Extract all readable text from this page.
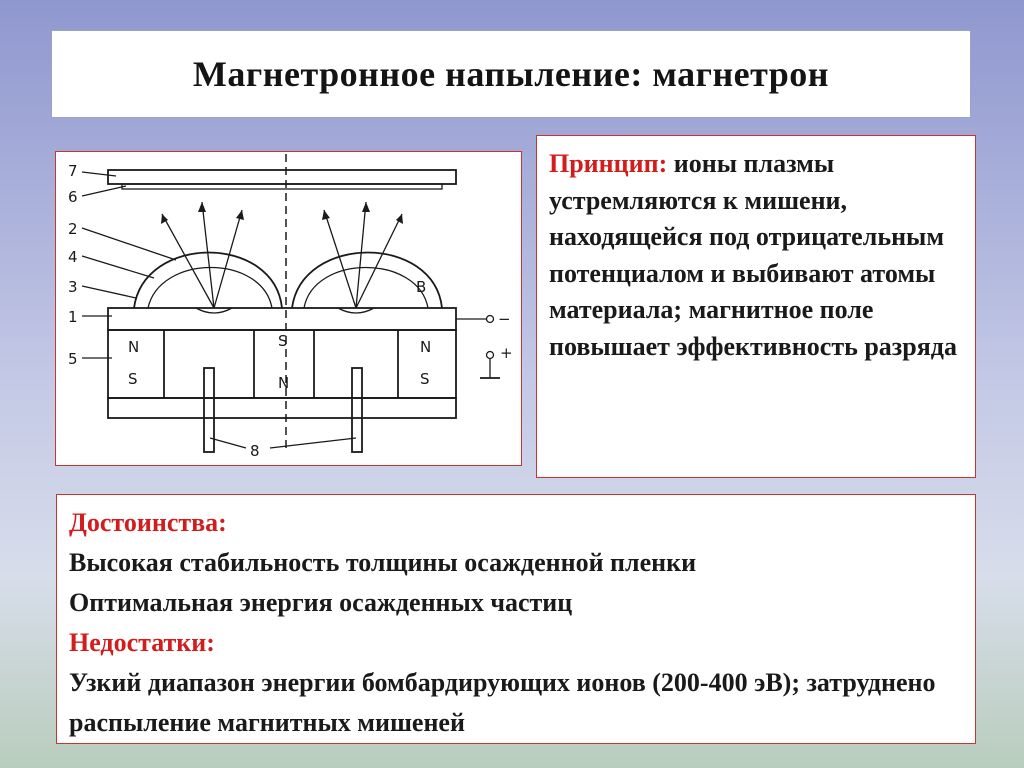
Магнетронное напыление: магнетрон
7
6
2
4
3
1
5
8
N
S
S
N
N
S
B
−
+
Принцип: ионы плазмы устремляются к мишени, находящейся под отрицательным потенциалом и выбивают атомы материала; магнитное поле повышает эффективность разряда
Достоинства:
Высокая стабильность толщины осажденной пленки
Оптимальная энергия осажденных частиц
Недостатки:
Узкий диапазон энергии бомбардирующих ионов (200-400 эВ); затруднено распыление магнитных мишеней
